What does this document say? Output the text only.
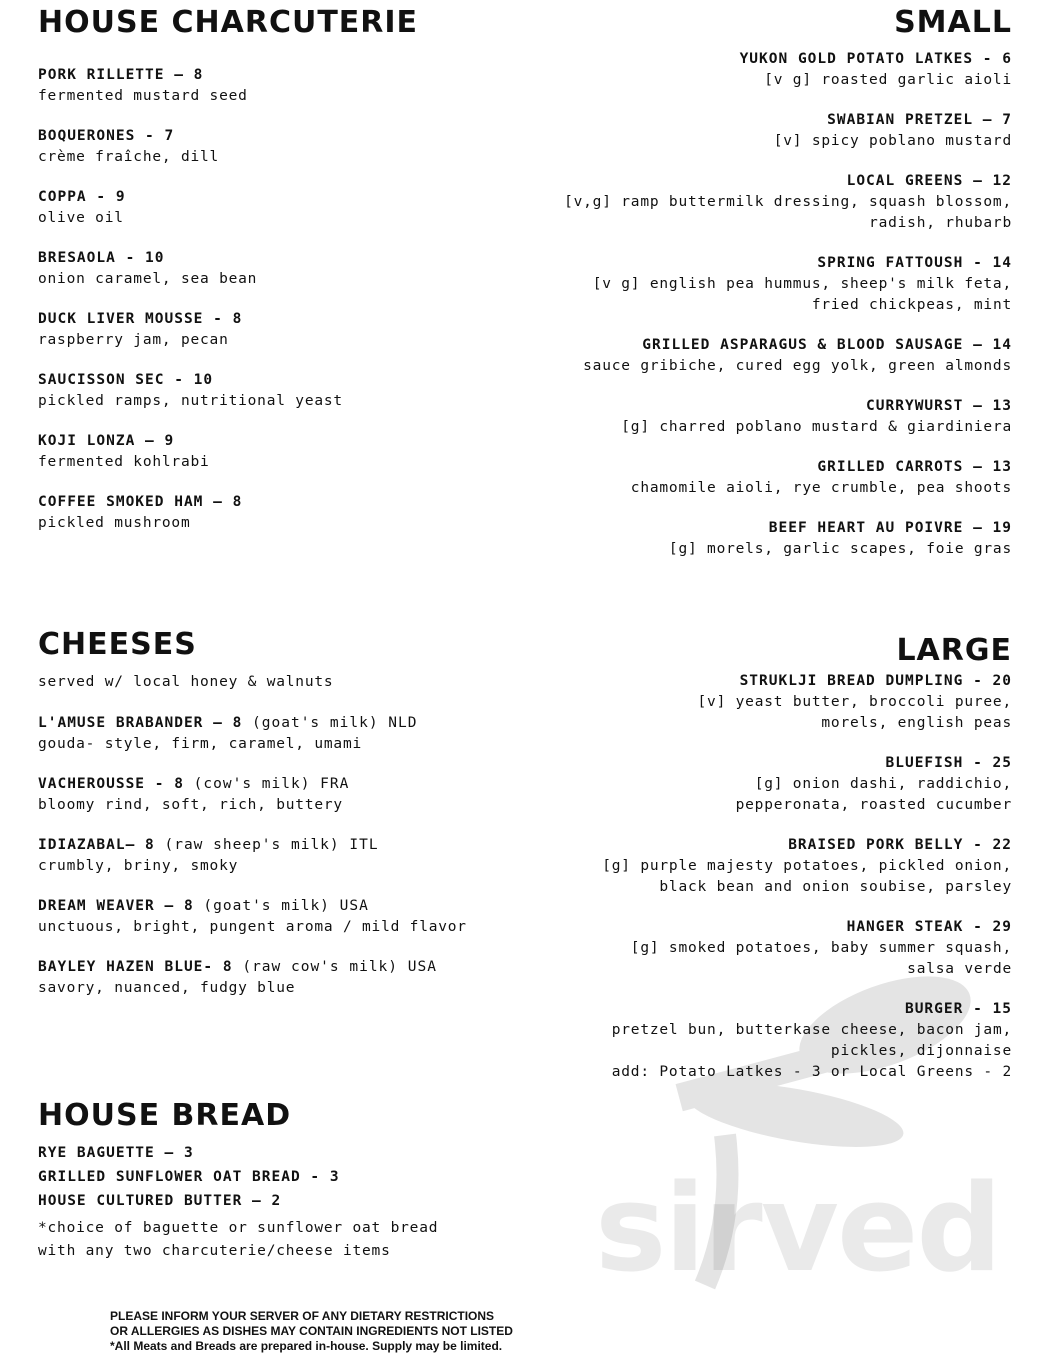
sirved
HOUSE CHARCUTERIE
PORK RILLETTE – 8
fermented mustard seed
BOQUERONES - 7
crème fraîche, dill
COPPA - 9
olive oil
BRESAOLA - 10
onion caramel, sea bean
DUCK LIVER MOUSSE - 8
raspberry jam, pecan
SAUCISSON SEC - 10
pickled ramps, nutritional yeast
KOJI LONZA – 9
fermented kohlrabi
COFFEE SMOKED HAM – 8
pickled mushroom
CHEESES
served w/ local honey & walnuts
L'AMUSE BRABANDER – 8 (goat's milk) NLD
gouda- style, firm, caramel, umami
VACHEROUSSE - 8 (cow's milk) FRA
bloomy rind, soft, rich, buttery
IDIAZABAL– 8 (raw sheep's milk) ITL
crumbly, briny, smoky
DREAM WEAVER – 8 (goat's milk) USA
unctuous, bright, pungent aroma / mild flavor
BAYLEY HAZEN BLUE- 8 (raw cow's milk) USA
savory, nuanced, fudgy blue
HOUSE BREAD
RYE BAGUETTE – 3
GRILLED SUNFLOWER OAT BREAD - 3
HOUSE CULTURED BUTTER – 2
*choice of baguette or sunflower oat bread
with any two charcuterie/cheese items
SMALL
YUKON GOLD POTATO LATKES - 6
[v g] roasted garlic aioli
SWABIAN PRETZEL – 7
[v] spicy poblano mustard
LOCAL GREENS – 12
[v,g] ramp buttermilk dressing, squash blossom,
radish, rhubarb
SPRING FATTOUSH - 14
[v g] english pea hummus, sheep's milk feta,
fried chickpeas, mint
GRILLED ASPARAGUS & BLOOD SAUSAGE – 14
sauce gribiche, cured egg yolk, green almonds
CURRYWURST – 13
[g] charred poblano mustard & giardiniera
GRILLED CARROTS – 13
chamomile aioli, rye crumble, pea shoots
BEEF HEART AU POIVRE – 19
[g] morels, garlic scapes, foie gras
LARGE
STRUKLJI BREAD DUMPLING - 20
[v] yeast butter, broccoli puree,
morels, english peas
BLUEFISH - 25
[g] onion dashi, raddichio,
pepperonata, roasted cucumber
BRAISED PORK BELLY - 22
[g] purple majesty potatoes, pickled onion,
black bean and onion soubise, parsley
HANGER STEAK - 29
[g] smoked potatoes, baby summer squash,
salsa verde
BURGER - 15
pretzel bun, butterkase cheese, bacon jam,
pickles, dijonnaise
add: Potato Latkes - 3 or Local Greens - 2
PLEASE INFORM YOUR SERVER OF ANY DIETARY RESTRICTIONS
OR ALLERGIES AS DISHES MAY CONTAIN INGREDIENTS NOT LISTED
*All Meats and Breads are prepared in-house. Supply may be limited.
